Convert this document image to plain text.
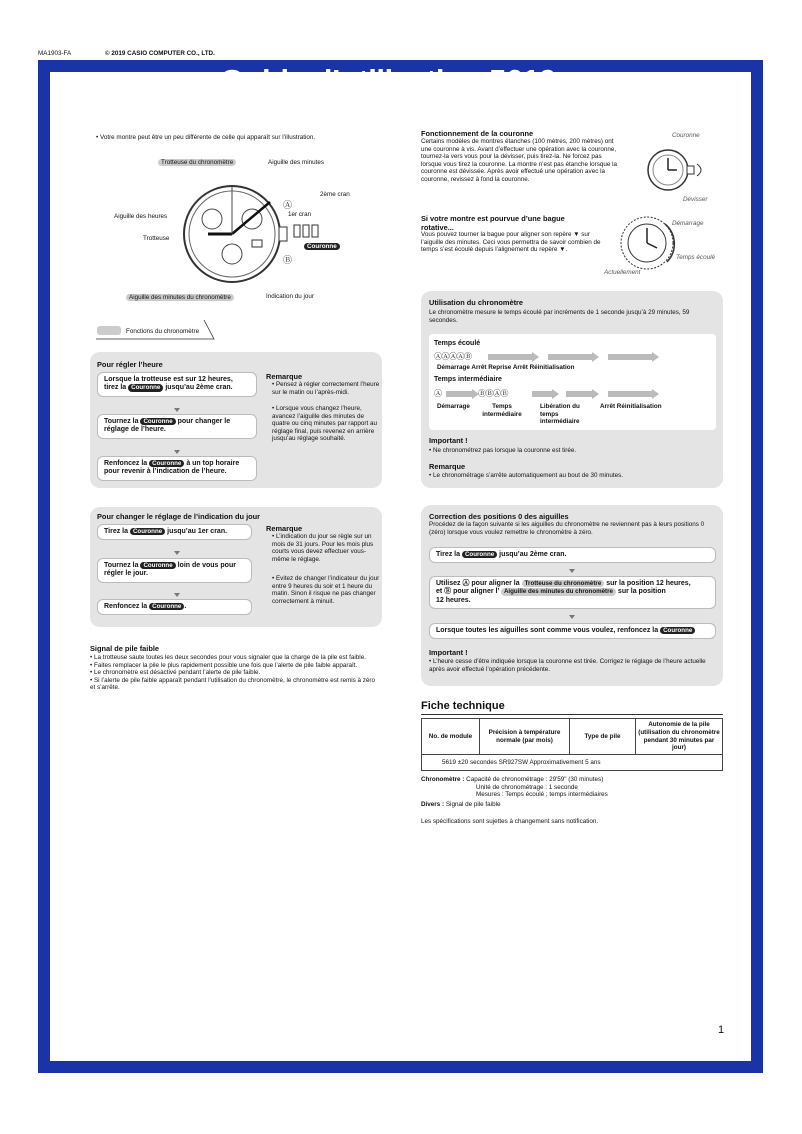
MA1903-FA	© 2019 CASIO COMPUTER CO., LTD.
Guide d’utilisation 5619	CASIO
• Votre montre peut être un peu différente de celle qui apparaît sur l’illustration.
Trotteuse du chronomètre	Aiguille des minutes
2ème cran
Ⓐ
1er cran
Aiguille des heures
Trotteuse
Couronne
Ⓑ
Aiguille des minutes du chronomètre	Indication du jour
Fonctions du chronomètre
Pour régler l’heure
Lorsque la trotteuse est sur 12 heures,
tirez la Couronne jusqu’au 2ème cran.
Tournez la Couronne pour changer le
réglage de l’heure.
Renfoncez la Couronne à un top horaire
pour revenir à l’indication de l’heure.
Remarque
• Pensez à régler correctement l’heure sur le matin ou l’après-midi.
• Lorsque vous changez l’heure, avancez l’aiguille des minutes de quatre ou cinq minutes par rapport au réglage final, puis revenez en arrière jusqu’au réglage souhaité.
Pour changer le réglage de l’indication du jour
Tirez la Couronne jusqu’au 1er cran.
Tournez la Couronne loin de vous pour
régler le jour.
Renfoncez la Couronne .
Remarque
• L’indication du jour se règle sur un mois de 31 jours. Pour les mois plus courts vous devez effectuer vous-même le réglage.
• Evitez de changer l’indicateur du jour entre 9 heures du soir et 1 heure du matin. Sinon il risque ne pas changer correctement à minuit.
Signal de pile faible
• La trotteuse saute toutes les deux secondes pour vous signaler que la charge de la pile est faible.
• Faites remplacer la pile le plus rapidement possible une fois que l’alerte de pile faible apparaît.
• Le chronomètre est désactivé pendant l’alerte de pile faible.
• Si l’alerte de pile faible apparaît pendant l’utilisation du chronomètre, le chronomètre est remis à zéro et s’arrête.
Fonctionnement de la couronne
Certains modèles de montres étanches (100 mètres, 200 mètres) ont une couronne à vis. Avant d’effectuer une opération avec la couronne, tournez-la vers vous pour la dévisser, puis tirez-la. Ne forcez pas lorsque vous tirez la couronne. La montre n’est pas étanche lorsque la couronne est dévissée. Après avoir effectué une opération avec la couronne, revissez à fond la couronne.
Couronne
Dévisser
Si votre montre est pourvue d’une bague rotative...
Vous pouvez tourner la bague pour aligner son repère ▼ sur l’aiguille des minutes. Ceci vous permettra de savoir combien de temps s’est écoulé depuis l’alignement du repère ▼.
Démarrage
Temps écoulé
Actuellement
Utilisation du chronomètre
Le chronomètre mesure le temps écoulé par incréments de 1 seconde jusqu’à 29 minutes, 59 secondes.
Temps écoulé
ⒶⒶⒶⒶⒷ
Démarrage Arrêt Reprise Arrêt Réinitialisation
Temps intermédiaire
Ⓐ	ⒷⒷⒶⒷ
Démarrage	Temps intermédiaire
Libération du temps intermédiaire
Arrêt Réinitialisation
Important !
• Ne chronométrez pas lorsque la couronne est tirée.
Remarque
• Le chronométrage s’arrête automatiquement au bout de 30 minutes.
Correction des positions 0 des aiguilles
Procédez de la façon suivante si les aiguilles du chronomètre ne reviennent pas à leurs positions 0 (zéro) lorsque vous voulez remettre le chronomètre à zéro.
Tirez la Couronne jusqu’au 2ème cran.
Utilisez Ⓐ pour aligner la Trotteuse du chronomètre sur la position 12 heures,
et Ⓑ pour aligner l’ Aiguille des minutes du chronomètre sur la position
12 heures.
Lorsque toutes les aiguilles sont comme vous voulez, renfoncez la Couronne
Important !
• L’heure cesse d’être indiquée lorsque la couronne est tirée. Corrigez le réglage de l’heure actuelle après avoir effectué l’opération précédente.
Fiche technique
No. de module	Précision à température normale (par mois)	Type de pile	Autonomie de la pile (utilisation du chronomètre pendant 30 minutes par jour)
5619 ±20 secondes SR927SW Approximativement 5 ans
Chronomètre : Capacité de chronométrage : 29'59" (30 minutes)
Unité de chronométrage : 1 seconde
Mesures : Temps écoulé ; temps intermédiaires
Divers : Signal de pile faible
Les spécifications sont sujettes à changement sans notification.
1
